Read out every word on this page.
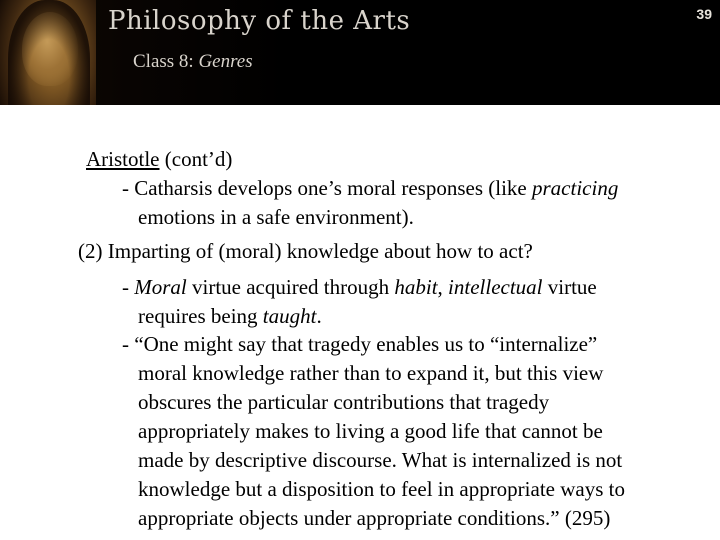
Philosophy of the Arts	39
Class 8: Genres
Aristotle (cont’d)
- Catharsis develops one’s moral responses (like practicing
emotions in a safe environment).
(2) Imparting of (moral) knowledge about how to act?
- Moral virtue acquired through habit, intellectual virtue
requires being taught.
- “One might say that tragedy enables us to “internalize”
moral knowledge rather than to expand it, but this view
obscures the particular contributions that tragedy
appropriately makes to living a good life that cannot be
made by descriptive discourse. What is internalized is not
knowledge but a disposition to feel in appropriate ways to
appropriate objects under appropriate conditions.” (295)
